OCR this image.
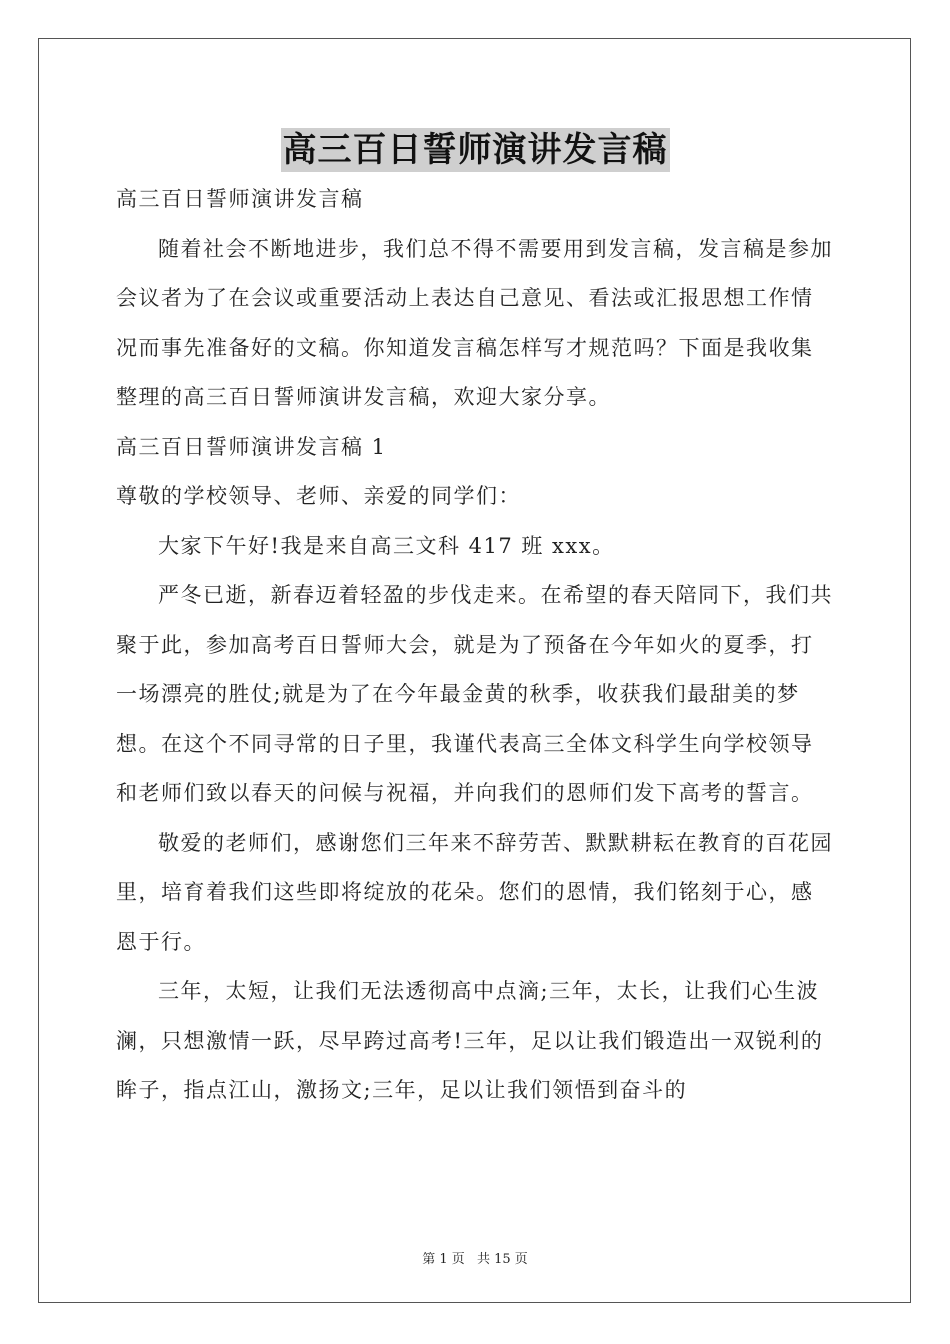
高三百日誓师演讲发言稿

高三百日誓师演讲发言稿

随着社会不断地进步，我们总不得不需要用到发言稿，发言稿是参加会议者为了在会议或重要活动上表达自己意见、看法或汇报思想工作情况而事先准备好的文稿。你知道发言稿怎样写才规范吗？下面是我收集整理的高三百日誓师演讲发言稿，欢迎大家分享。

高三百日誓师演讲发言稿 1

尊敬的学校领导、老师、亲爱的同学们：

大家下午好!我是来自高三文科 417 班 xxx。

严冬已逝，新春迈着轻盈的步伐走来。在希望的春天陪同下，我们共聚于此，参加高考百日誓师大会，就是为了预备在今年如火的夏季，打一场漂亮的胜仗;就是为了在今年最金黄的秋季，收获我们最甜美的梦想。在这个不同寻常的日子里，我谨代表高三全体文科学生向学校领导和老师们致以春天的问候与祝福，并向我们的恩师们发下高考的誓言。

敬爱的老师们，感谢您们三年来不辞劳苦、默默耕耘在教育的百花园里，培育着我们这些即将绽放的花朵。您们的恩情，我们铭刻于心，感恩于行。

三年，太短，让我们无法透彻高中点滴;三年，太长，让我们心生波澜，只想激情一跃，尽早跨过高考!三年，足以让我们锻造出一双锐利的眸子，指点江山，激扬文;三年，足以让我们领悟到奋斗的

第 1 页 共 15 页
